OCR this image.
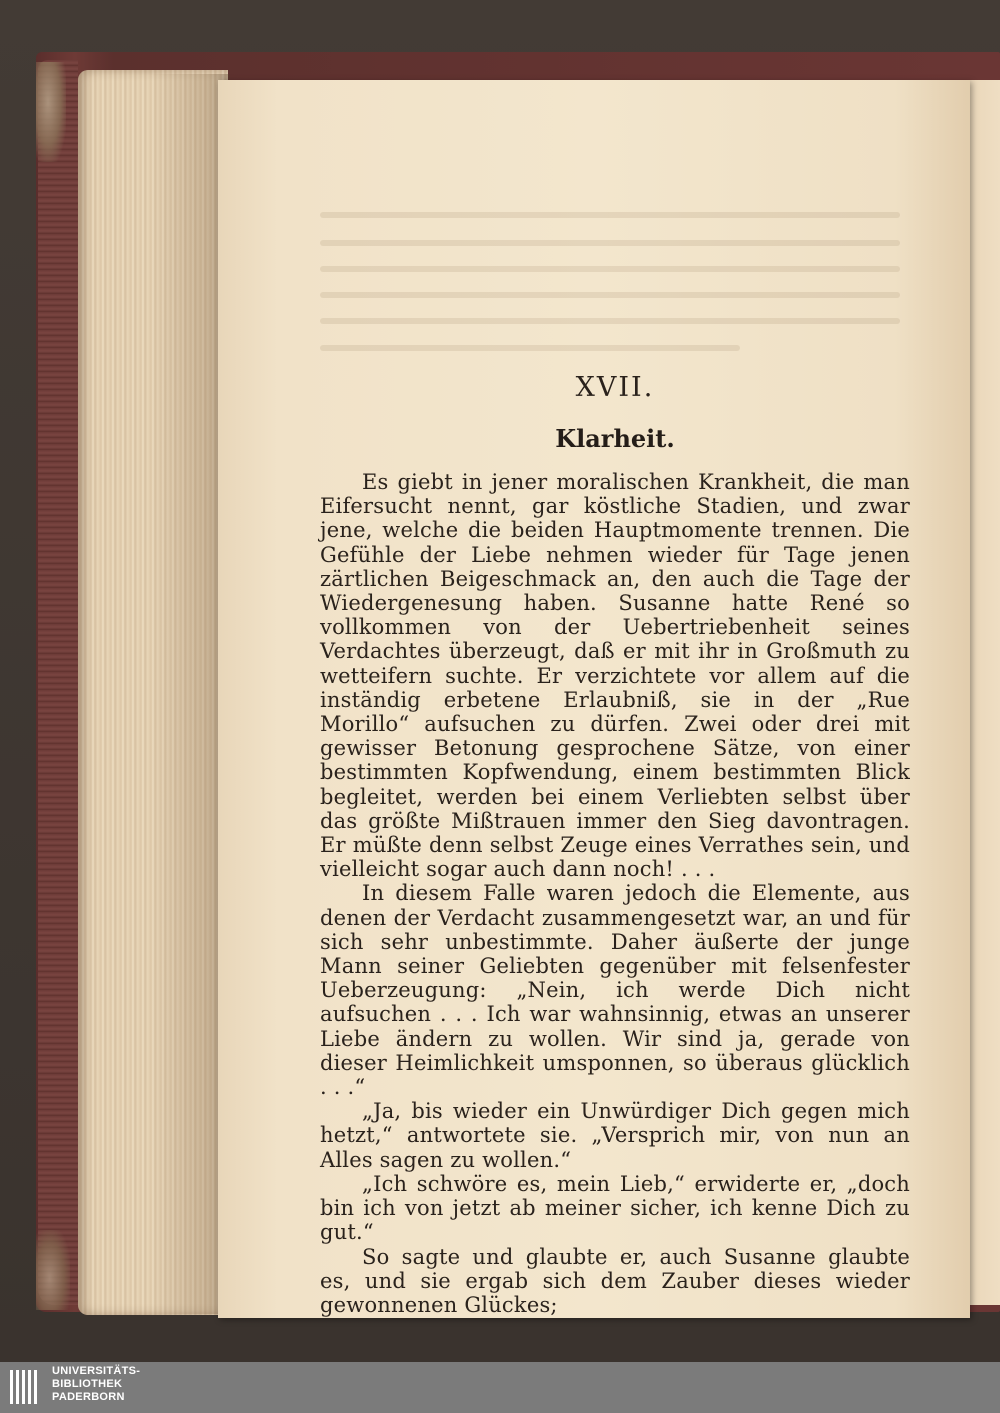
XVII.
Klarheit.

Es giebt in jener moralischen Krankheit, die man Eifersucht nennt, gar köstliche Stadien, und zwar jene, welche die beiden Hauptmomente trennen. Die Gefühle der Liebe nehmen wieder für Tage jenen zärtlichen Beigeschmack an, den auch die Tage der Wiedergenesung haben. Susanne hatte René so vollkommen von der Uebertriebenheit seines Verdachtes überzeugt, daß er mit ihr in Großmuth zu wetteifern suchte. Er verzichtete vor allem auf die inständig erbetene Erlaubniß, sie in der „Rue Morillo“ aufsuchen zu dürfen. Zwei oder drei mit gewisser Betonung gesprochene Sätze, von einer bestimmten Kopfwendung, einem bestimmten Blick begleitet, werden bei einem Verliebten selbst über das größte Mißtrauen immer den Sieg davontragen. Er müßte denn selbst Zeuge eines Verrathes sein, und vielleicht sogar auch dann noch! . . .

In diesem Falle waren jedoch die Elemente, aus denen der Verdacht zusammengesetzt war, an und für sich sehr unbestimmte. Daher äußerte der junge Mann seiner Geliebten gegenüber mit felsenfester Ueberzeugung: „Nein, ich werde Dich nicht aufsuchen . . . Ich war wahnsinnig, etwas an unserer Liebe ändern zu wollen. Wir sind ja, gerade von dieser Heimlichkeit umsponnen, so überaus glücklich . . .“

„Ja, bis wieder ein Unwürdiger Dich gegen mich hetzt,“ antwortete sie. „Versprich mir, von nun an Alles sagen zu wollen.“

„Ich schwöre es, mein Lieb,“ erwiderte er, „doch bin ich von jetzt ab meiner sicher, ich kenne Dich zu gut.“

So sagte und glaubte er, auch Susanne glaubte es, und sie ergab sich dem Zauber dieses wieder gewonnenen Glückes;

UNIVERSITÄTS-
BIBLIOTHEK
PADERBORN
